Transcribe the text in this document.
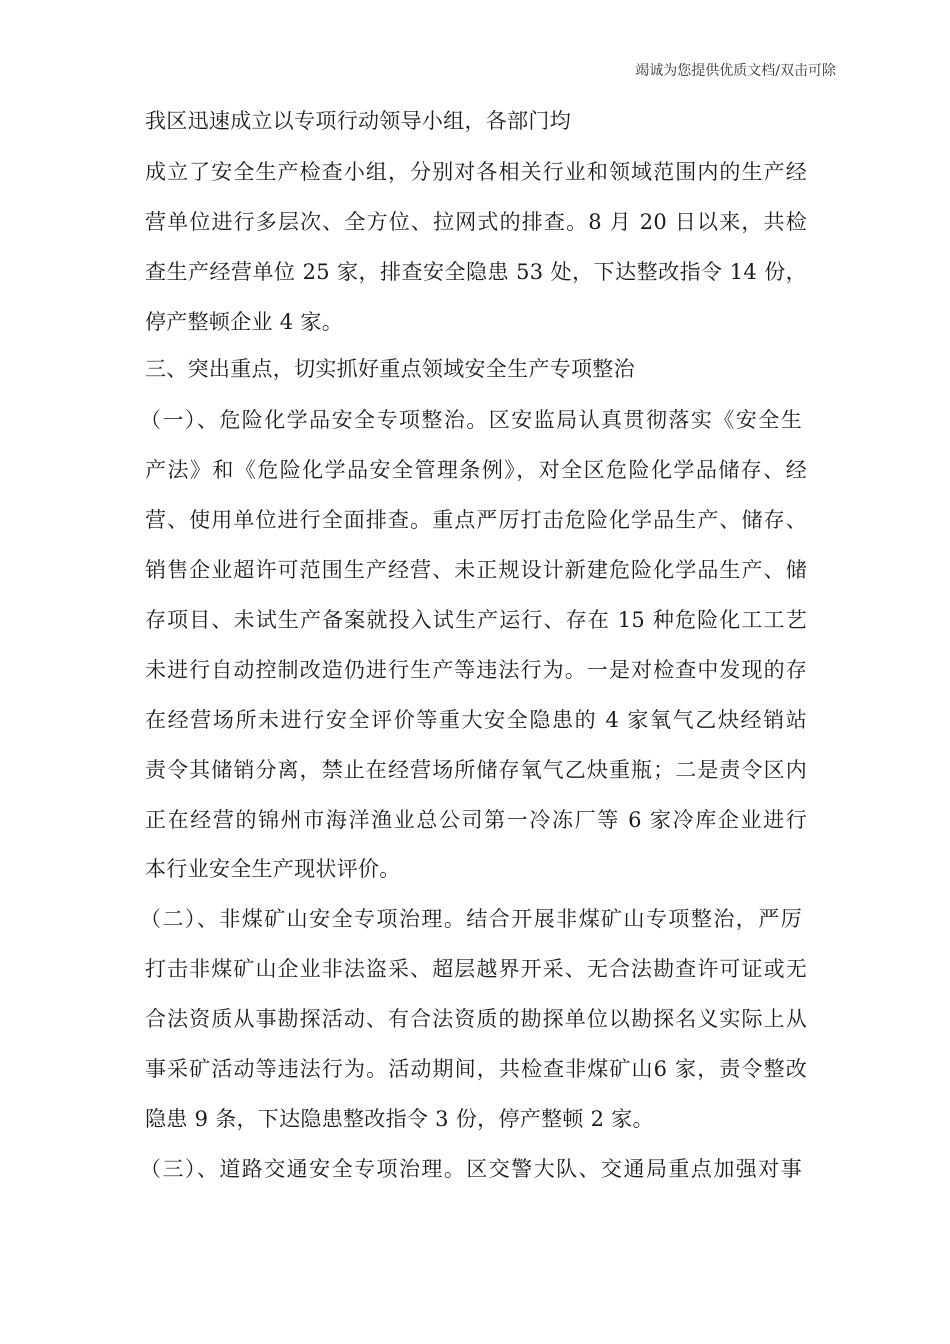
竭诚为您提供优质文档/双击可除
我区迅速成立以专项行动领导小组，各部门均
成立了安全生产检查小组，分别对各相关行业和领域范围内的生产经
营单位进行多层次、全方位、拉网式的排查。8 月 20 日以来，共检
查生产经营单位 25 家，排查安全隐患 53 处，下达整改指令 14 份，
停产整顿企业 4 家。
三、突出重点，切实抓好重点领域安全生产专项整治
（一）、危险化学品安全专项整治。区安监局认真贯彻落实《安全生
产法》和《危险化学品安全管理条例》，对全区危险化学品储存、经
营、使用单位进行全面排查。重点严厉打击危险化学品生产、储存、
销售企业超许可范围生产经营、未正规设计新建危险化学品生产、储
存项目、未试生产备案就投入试生产运行、存在 15 种危险化工工艺
未进行自动控制改造仍进行生产等违法行为。一是对检查中发现的存
在经营场所未进行安全评价等重大安全隐患的 4 家氧气乙炔经销站
责令其储销分离，禁止在经营场所储存氧气乙炔重瓶；二是责令区内
正在经营的锦州市海洋渔业总公司第一冷冻厂等 6 家冷库企业进行
本行业安全生产现状评价。
（二）、非煤矿山安全专项治理。结合开展非煤矿山专项整治，严厉
打击非煤矿山企业非法盗采、超层越界开采、无合法勘查许可证或无
合法资质从事勘探活动、有合法资质的勘探单位以勘探名义实际上从
事采矿活动等违法行为。活动期间，共检查非煤矿山6 家，责令整改
隐患 9 条，下达隐患整改指令 3 份，停产整顿 2 家。
（三）、道路交通安全专项治理。区交警大队、交通局重点加强对事
